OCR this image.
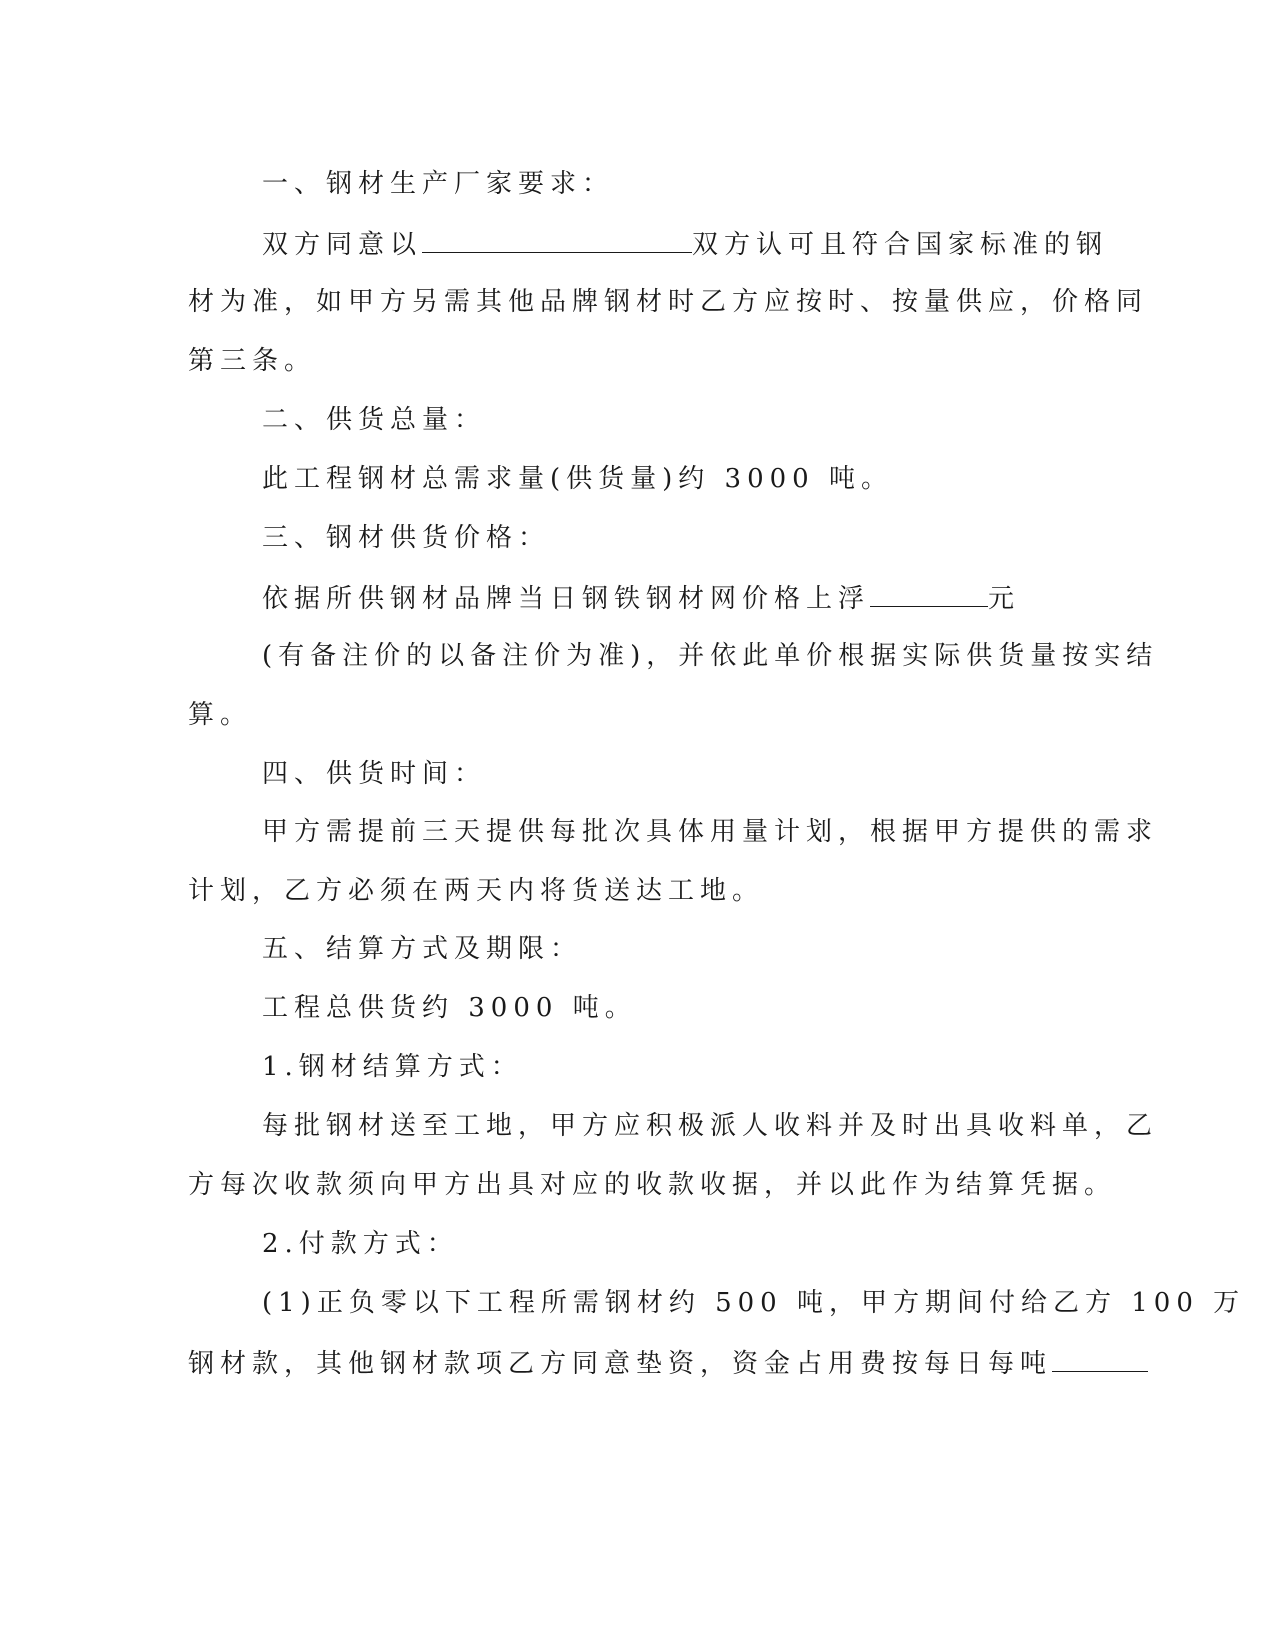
一、钢材生产厂家要求：
双方同意以	双方认可且符合国家标准的钢
材为准，如甲方另需其他品牌钢材时乙方应按时、按量供应，价格同
第三条。
二、供货总量：
此工程钢材总需求量(供货量)约 3000 吨。
三、钢材供货价格：
依据所供钢材品牌当日钢铁钢材网价格上浮	元
(有备注价的以备注价为准)，并依此单价根据实际供货量按实结
算。
四、供货时间：
甲方需提前三天提供每批次具体用量计划，根据甲方提供的需求
计划，乙方必须在两天内将货送达工地。
五、结算方式及期限：
工程总供货约 3000 吨。
1.钢材结算方式：
每批钢材送至工地，甲方应积极派人收料并及时出具收料单，乙
方每次收款须向甲方出具对应的收款收据，并以此作为结算凭据。
2.付款方式：
(1)正负零以下工程所需钢材约 500 吨，甲方期间付给乙方 100 万
钢材款，其他钢材款项乙方同意垫资，资金占用费按每日每吨
